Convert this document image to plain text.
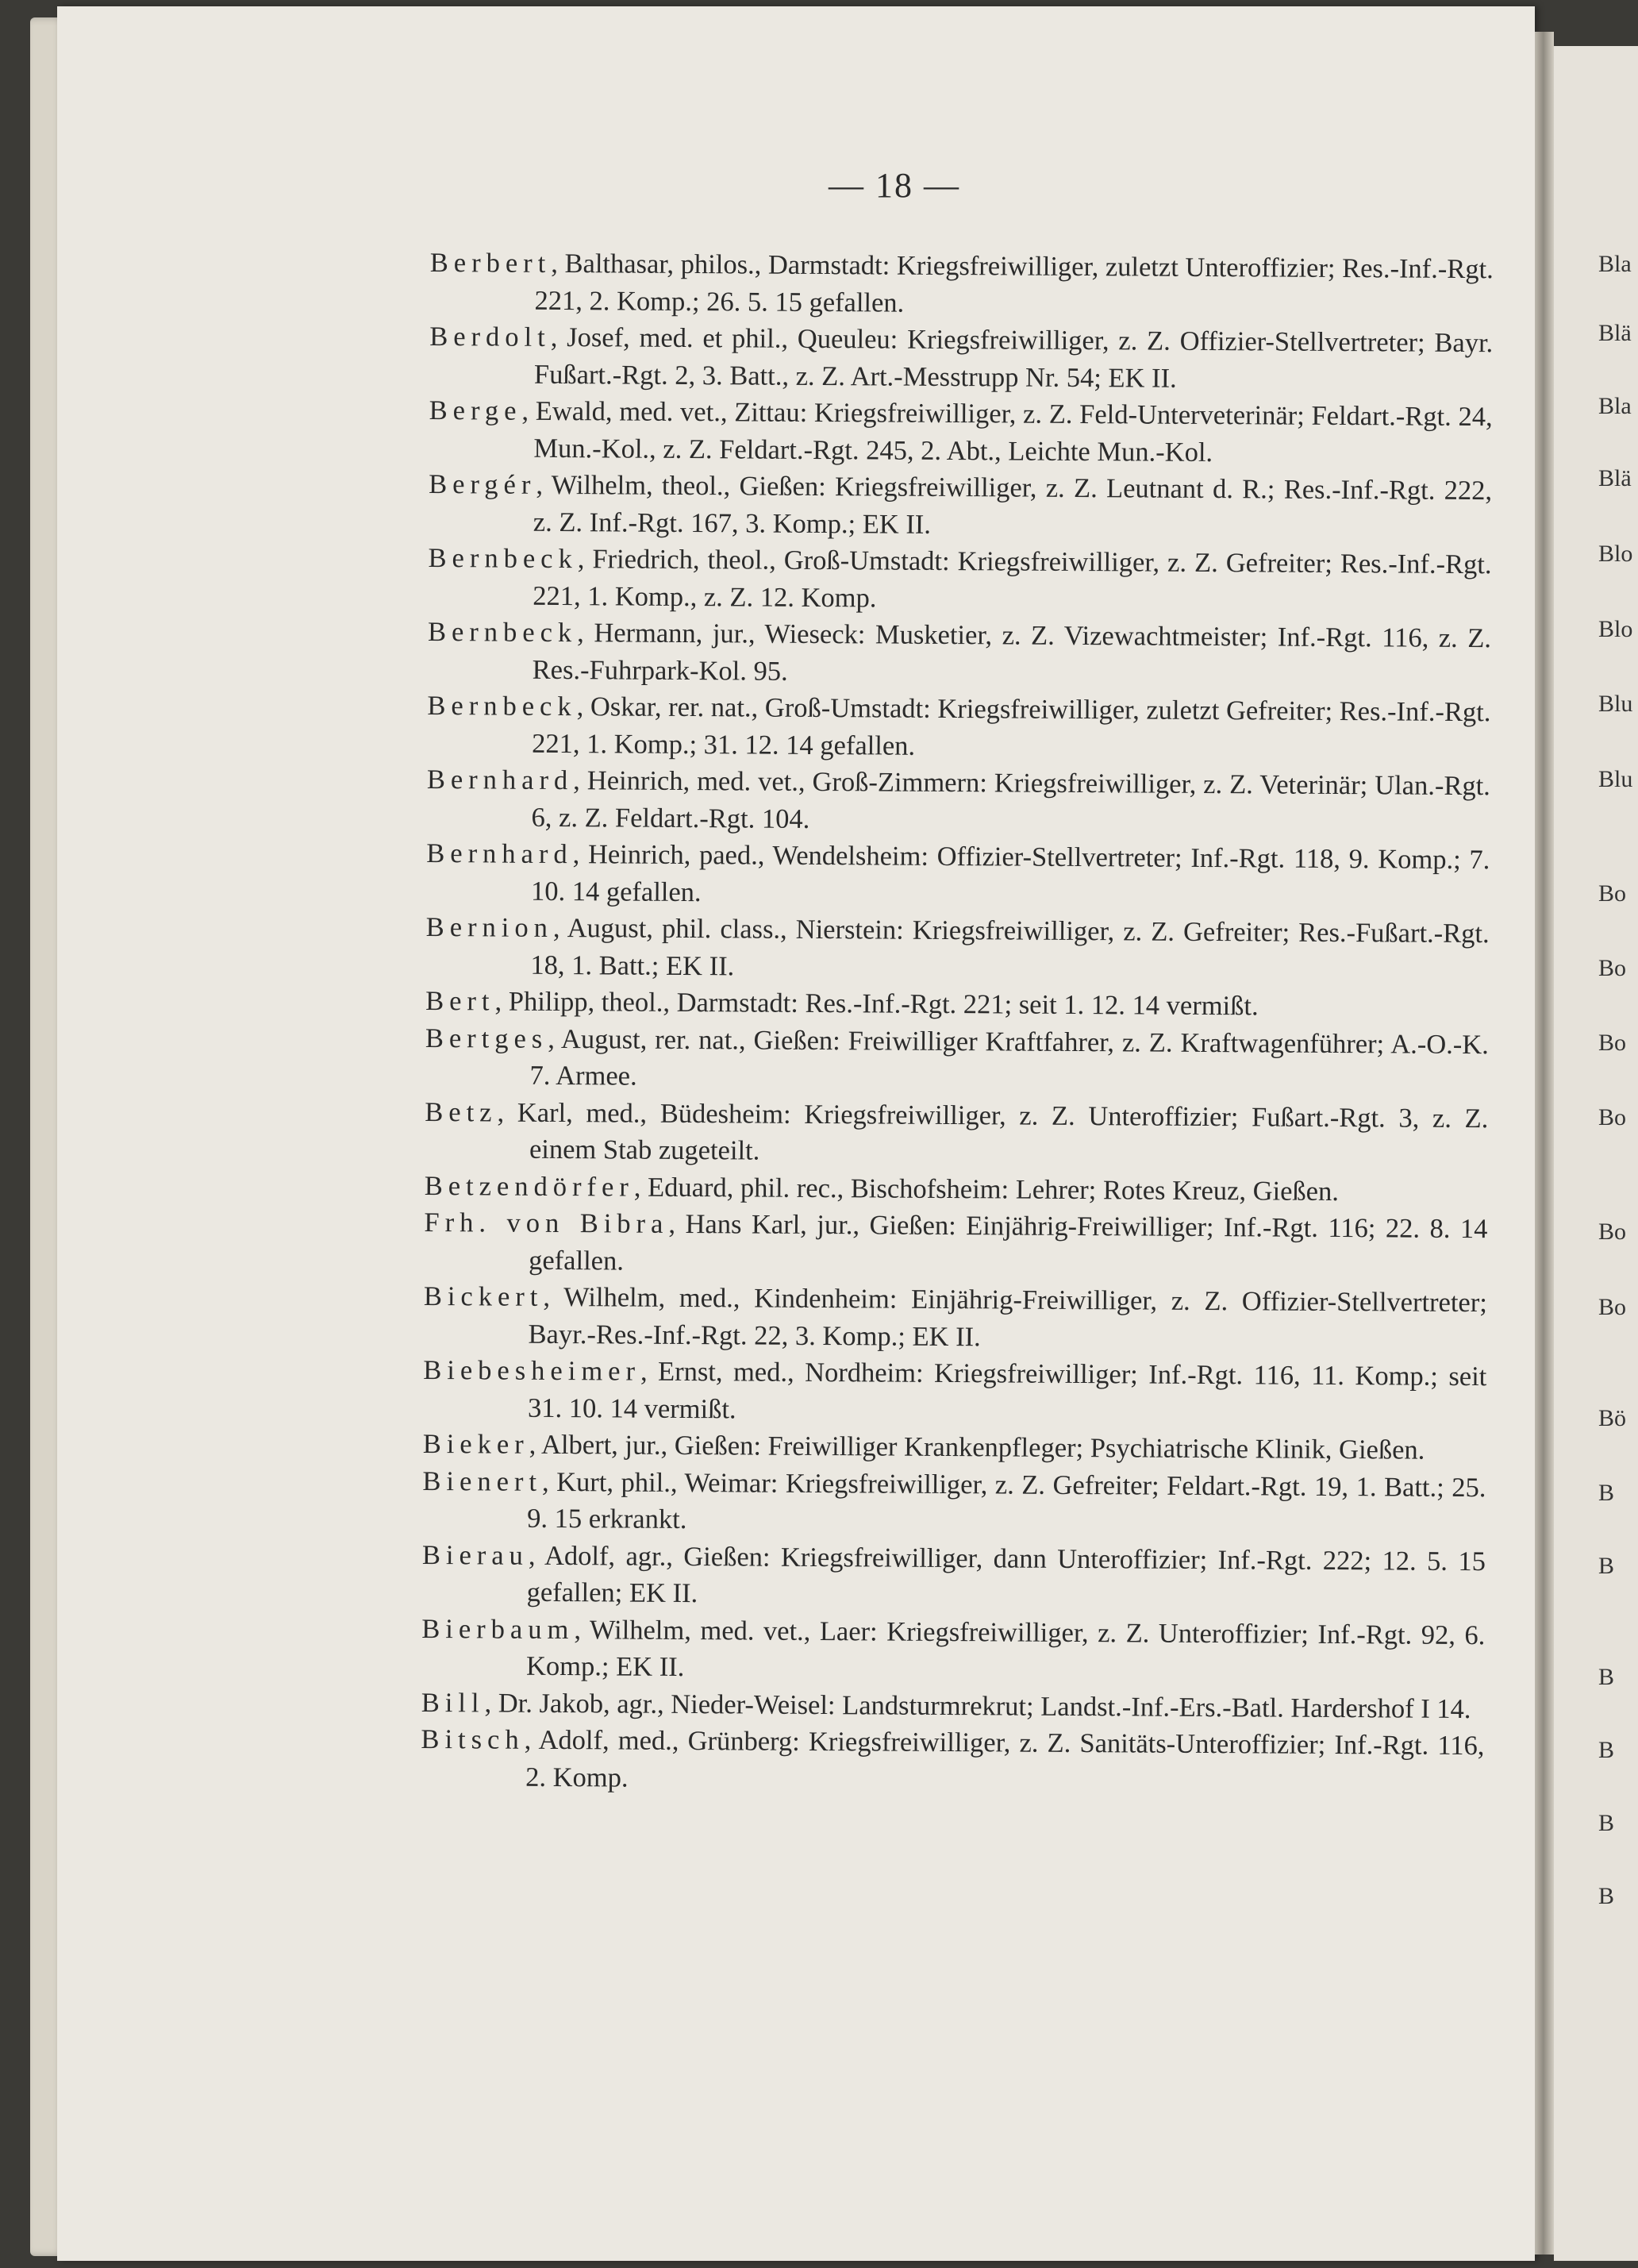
— 18 —

Berbert, Balthasar, philos., Darmstadt: Kriegsfreiwilliger, zuletzt Unteroffizier; Res.-Inf.-Rgt. 221, 2. Komp.; 26. 5. 15 gefallen.

Berdolt, Josef, med. et phil., Queuleu: Kriegsfreiwilliger, z. Z. Offizier-Stellvertreter; Bayr. Fußart.-Rgt. 2, 3. Batt., z. Z. Art.-Messtrupp Nr. 54; EK II.

Berge, Ewald, med. vet., Zittau: Kriegsfreiwilliger, z. Z. Feld-Unterveterinär; Feldart.-Rgt. 24, Mun.-Kol., z. Z. Feldart.-Rgt. 245, 2. Abt., Leichte Mun.-Kol.

Bergér, Wilhelm, theol., Gießen: Kriegsfreiwilliger, z. Z. Leutnant d. R.; Res.-Inf.-Rgt. 222, z. Z. Inf.-Rgt. 167, 3. Komp.; EK II.

Bernbeck, Friedrich, theol., Groß-Umstadt: Kriegsfreiwilliger, z. Z. Gefreiter; Res.-Inf.-Rgt. 221, 1. Komp., z. Z. 12. Komp.

Bernbeck, Hermann, jur., Wieseck: Musketier, z. Z. Vizewachtmeister; Inf.-Rgt. 116, z. Z. Res.-Fuhrpark-Kol. 95.

Bernbeck, Oskar, rer. nat., Groß-Umstadt: Kriegsfreiwilliger, zuletzt Gefreiter; Res.-Inf.-Rgt. 221, 1. Komp.; 31. 12. 14 gefallen.

Bernhard, Heinrich, med. vet., Groß-Zimmern: Kriegsfreiwilliger, z. Z. Veterinär; Ulan.-Rgt. 6, z. Z. Feldart.-Rgt. 104.

Bernhard, Heinrich, paed., Wendelsheim: Offizier-Stellvertreter; Inf.-Rgt. 118, 9. Komp.; 7. 10. 14 gefallen.

Bernion, August, phil. class., Nierstein: Kriegsfreiwilliger, z. Z. Gefreiter; Res.-Fußart.-Rgt. 18, 1. Batt.; EK II.

Bert, Philipp, theol., Darmstadt: Res.-Inf.-Rgt. 221; seit 1. 12. 14 vermißt.

Bertges, August, rer. nat., Gießen: Freiwilliger Kraftfahrer, z. Z. Kraftwagenführer; A.-O.-K. 7. Armee.

Betz, Karl, med., Büdesheim: Kriegsfreiwilliger, z. Z. Unteroffizier; Fußart.-Rgt. 3, z. Z. einem Stab zugeteilt.

Betzendörfer, Eduard, phil. rec., Bischofsheim: Lehrer; Rotes Kreuz, Gießen.

Frh. von Bibra, Hans Karl, jur., Gießen: Einjährig-Freiwilliger; Inf.-Rgt. 116; 22. 8. 14 gefallen.

Bickert, Wilhelm, med., Kindenheim: Einjährig-Freiwilliger, z. Z. Offizier-Stellvertreter; Bayr.-Res.-Inf.-Rgt. 22, 3. Komp.; EK II.

Biebesheimer, Ernst, med., Nordheim: Kriegsfreiwilliger; Inf.-Rgt. 116, 11. Komp.; seit 31. 10. 14 vermißt.

Bieker, Albert, jur., Gießen: Freiwilliger Krankenpfleger; Psychiatrische Klinik, Gießen.

Bienert, Kurt, phil., Weimar: Kriegsfreiwilliger, z. Z. Gefreiter; Feldart.-Rgt. 19, 1. Batt.; 25. 9. 15 erkrankt.

Bierau, Adolf, agr., Gießen: Kriegsfreiwilliger, dann Unteroffizier; Inf.-Rgt. 222; 12. 5. 15 gefallen; EK II.

Bierbaum, Wilhelm, med. vet., Laer: Kriegsfreiwilliger, z. Z. Unteroffizier; Inf.-Rgt. 92, 6. Komp.; EK II.

Bill, Dr. Jakob, agr., Nieder-Weisel: Landsturmrekrut; Landst.-Inf.-Ers.-Batl. Hardershof I 14.

Bitsch, Adolf, med., Grünberg: Kriegsfreiwilliger, z. Z. Sanitäts-Unteroffizier; Inf.-Rgt. 116, 2. Komp.

Bla
Blä
Bla
Blä
Blo
Blo
Blu
Blu
Bo
Bo
Bo
Bo
Bo
Bo
Bö
B
B
B
B
B
B
